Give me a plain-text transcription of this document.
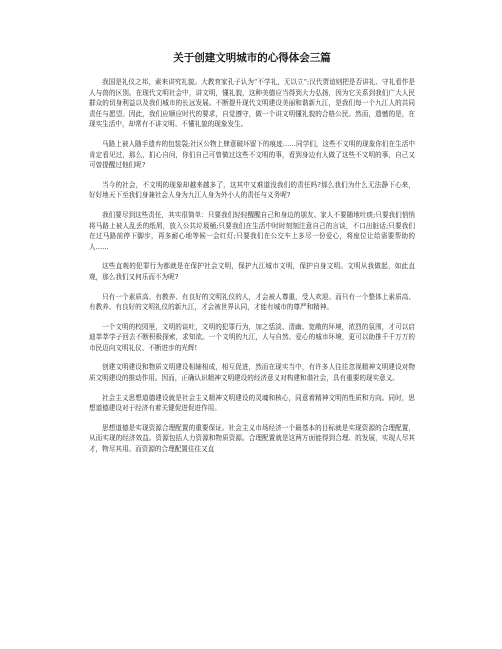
关于创建文明城市的心得体会三篇

我国是礼仪之邦，素来讲究礼貌。大教育家孔子认为“不学礼，无以立”;汉代贾谊则把是否讲礼、守礼看作是人与兽的区别。在现代文明社会中，讲文明，懂礼貌，这种美德应当得到大力弘扬，因为它关系到我们广大人民群众的切身利益以及我们城市的长远发展。不断提升现代文明建设美丽和谐新九江，是我们每一个九江人的共同责任与愿望。因此，我们应顺应时代的要求，自觉遵守，做一个讲文明懂礼貌的合格公民。然而，遗憾的是，在现实生活中，却常有不讲文明、不懂礼貌的现象发生。

马路上被人随手遗弃的包装袋;社区公物上肆意破坏留下的痕迹……同学们，这些不文明的现象你们在生活中肯定看见过，那么，扪心自问，你们自己可曾做过这些不文明的事，看到身边有人做了这些不文明的事，自己又可曾提醒过他们呢?

当今的社会，不文明的现象却越来越多了，这其中又难道没我们的责任吗?那么我们为什么无法静下心来，好好地天下至我们身兼社会人身为九江人身为外小人的责任与义务呢?

我们要尽到这些责任，其实很简单：只要我们轻轻醒醒自己和身边的朋友、家人不要随地吐痰;只要我们悄悄将马路上被人乱丢的纸屑，放入公共垃圾桶;只要我们在生活中时时刻刻注意自己的言谈，不口出脏话;只要我们在过马路前停下脚步，再多耐心地等候一会红灯;只要我们在公交车上多尽一份爱心，将座位让给需要帮助的人……

这些直观的犯罪行为都就是在保护社会文明，保护九江城市文明，保护自身文明。文明从我做起，如此直观，那么我们又何乐而不为呢?

只有一个素质高、有教养、有良好的文明礼仪的人，才会被人尊重，受人欢迎。而只有一个整体上素质高、有教养、有良好的文明礼仪的新九江，才会被世界认同，才能有城市的尊严和精神。

一个文明的校园里，文明的谈吐，文明的犯罪行为，加之恬淡、清幽、宽敞的环境，浓烈的氛围，才可以启迪莘莘学子回去不断积极探索，求知欲。一个文明的九江，人与自然、爱心的城市环境，更可以助推千千万万的市民迈向文明礼仪、不断进步的光辉!

创建文明建设和物质文明建设相辅相成，相互促进，然而在现实当中，有许多人往往忽视精神文明建设对物质文明建设的推动作用。因而，正确认识精神文明建设的经济意义对构建和谐社会，具有重要的现实意义。

社会主义思想道德建设就是社会主义精神文明建设的灵魂和核心，同意着精神文明的性质和方向。同时，思想道德建设对于经济有着关键促进促进作用。

思想道德是实现资源合理配置的重要保证。社会主义市场经济一个最基本的目标就是实现资源的合理配置，从而实现的经济效益。资源包括人力资源和物质资源。合理配置就是这两方面能得到合理、的发展，实现人尽其才，物尽其用。而资源的合理配置往往又直
